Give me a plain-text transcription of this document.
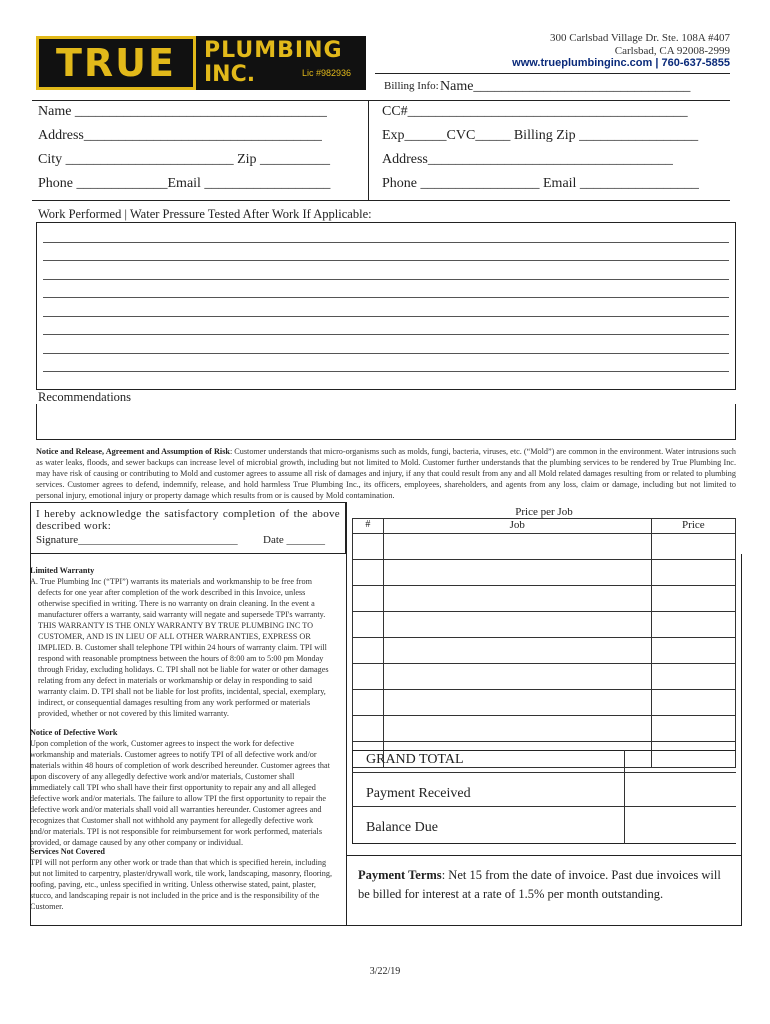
TRUE	PLUMBING
INC.	Lic #982936
300 Carlsbad Village Dr. Ste. 108A #407
Carlsbad, CA 92008-2999
www.trueplumbinginc.com | 760-637-5855
Billing Info: Name_______________________________
Name ____________________________________
Address__________________________________
City ________________________ Zip __________
Phone _____________Email __________________
CC#________________________________________
Exp______CVC_____ Billing Zip _________________
Address___________________________________
Phone _________________ Email _________________
Work Performed | Water Pressure Tested After Work If Applicable:
Recommendations
Notice and Release, Agreement and Assumption of Risk: Customer understands that micro-organisms such as molds, fungi, bacteria, viruses, etc. (“Mold”) are common in the environment. Water intrusions such as water leaks, floods, and sewer backups can increase level of microbial growth, including but not limited to Mold. Customer further understands that the plumbing services to be rendered by True Plumbing Inc. may have risk of causing or contributing to Mold and customer agrees to assume all risk of damages and injury, if any that could result from any and all Mold related damages resulting from or related to plumbing services. Customer agrees to defend, indemnify, release, and hold harmless True Plumbing Inc., its officers, employees, shareholders, and agents from any loss, claim or damage, including but not limited to personal injury, emotional injury or property damage which results from or is caused by Mold contamination.
I hereby acknowledge the satisfactory completion of the above described work:
Signature_____________________________ Date _______
Limited Warranty
A. True Plumbing Inc (“TPI”) warrants its materials and workmanship to be free from defects for one year after completion of the work described in this Invoice, unless otherwise specified in writing. There is no warranty on drain cleaning. In the event a manufacturer offers a warranty, said warranty will negate and supersede TPI's warranty. THIS WARRANTY IS THE ONLY WARRANTY BY TRUE PLUMBING INC TO CUSTOMER, AND IS IN LIEU OF ALL OTHER WARRANTIES, EXPRESS OR IMPLIED. B. Customer shall telephone TPI within 24 hours of warranty claim. TPI will respond with reasonable promptness between the hours of 8:00 am to 5:00 pm Monday through Friday, excluding holidays. C. TPI shall not be liable for water or other damages relating from any defect in materials or workmanship or delay in responding to said warranty claim. D. TPI shall not be liable for lost profits, incidental, special, exemplary, indirect, or consequential damages resulting from any work performed or materials provided, whether or not covered by this limited warranty.
Notice of Defective Work
Upon completion of the work, Customer agrees to inspect the work for defective workmanship and materials. Customer agrees to notify TPI of all defective work and/or materials within 48 hours of completion of work described hereunder. Customer agrees that upon discovery of any allegedly defective work and/or materials, Customer shall immediately call TPI who shall have their first opportunity to repair any and all alleged defective work and/or materials. The failure to allow TPI the first opportunity to repair the defective work and/or materials shall void all warranties hereunder. Customer agrees and recognizes that Customer shall not withhold any payment for allegedly defective work and/or materials. TPI is not responsible for reimbursement for work performed, materials provided, or damage caused by any other company or individual.
Services Not Covered
TPI will not perform any other work or trade than that which is specified herein, including but not limited to carpentry, plaster/drywall work, tile work, landscaping, masonry, flooring, roofing, paving, etc., unless specified in writing. Unless otherwise stated, paint, plaster, stucco, and landscaping repair is not included in the price and is the responsibility of the Customer.
Price per Job
#	Job	Price

GRAND TOTAL
Payment Received
Balance Due
Payment Terms: Net 15 from the date of invoice. Past due invoices will be billed for interest at a rate of 1.5% per month outstanding.
3/22/19
